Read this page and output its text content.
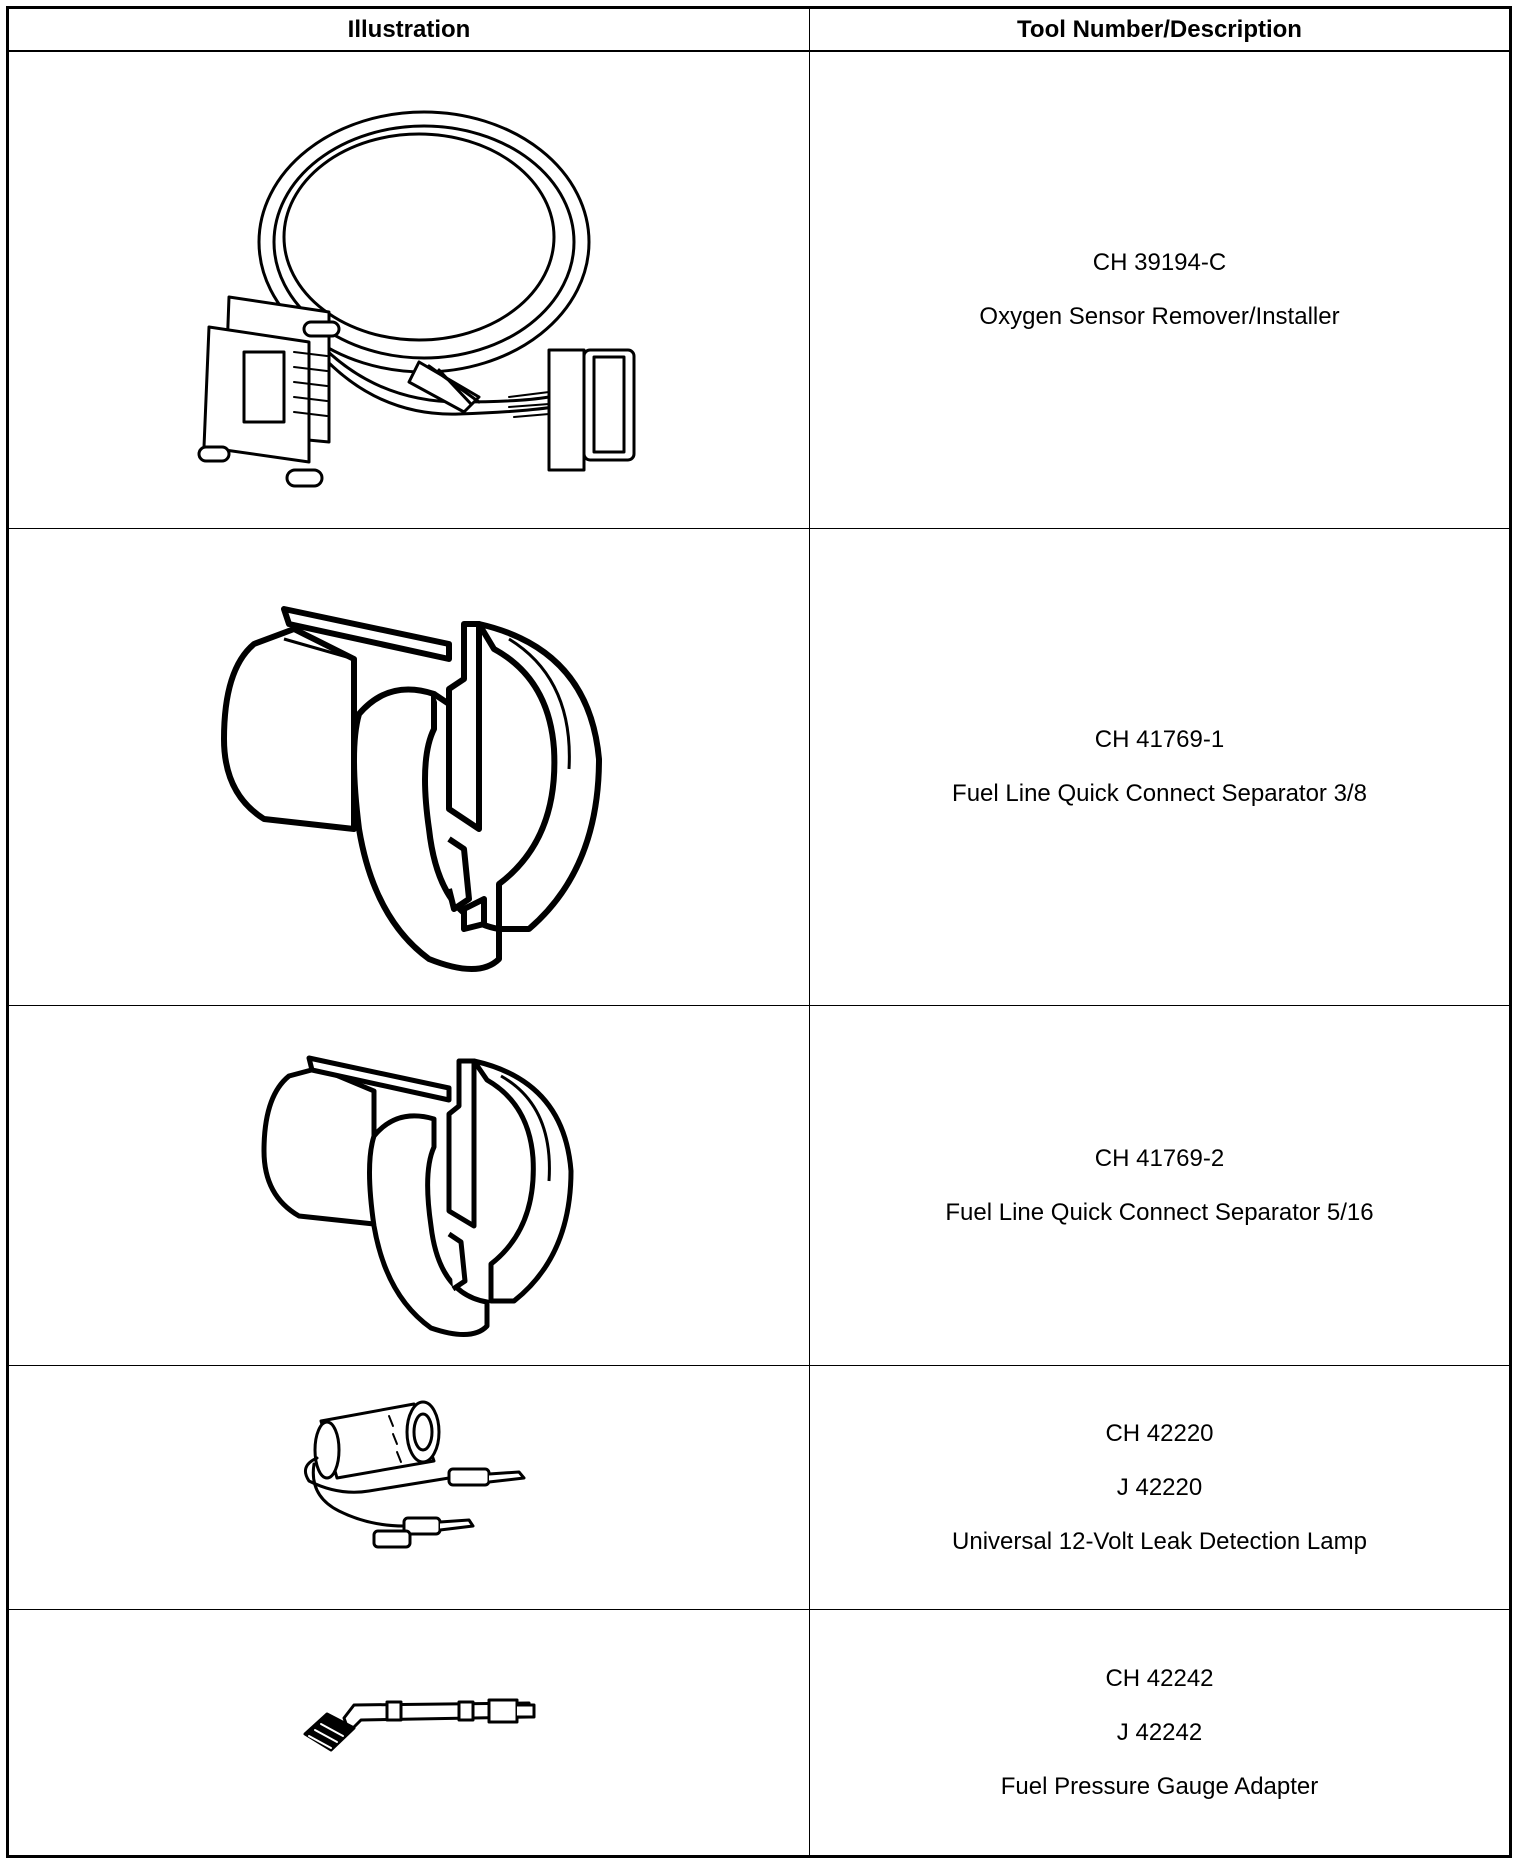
Illustration	Tool Number/Description
CH 39194-C
Oxygen Sensor Remover/Installer
CH 41769-1
Fuel Line Quick Connect Separator 3/8
CH 41769-2
Fuel Line Quick Connect Separator 5/16
CH 42220
J 42220
Universal 12-Volt Leak Detection Lamp
CH 42242
J 42242
Fuel Pressure Gauge Adapter
